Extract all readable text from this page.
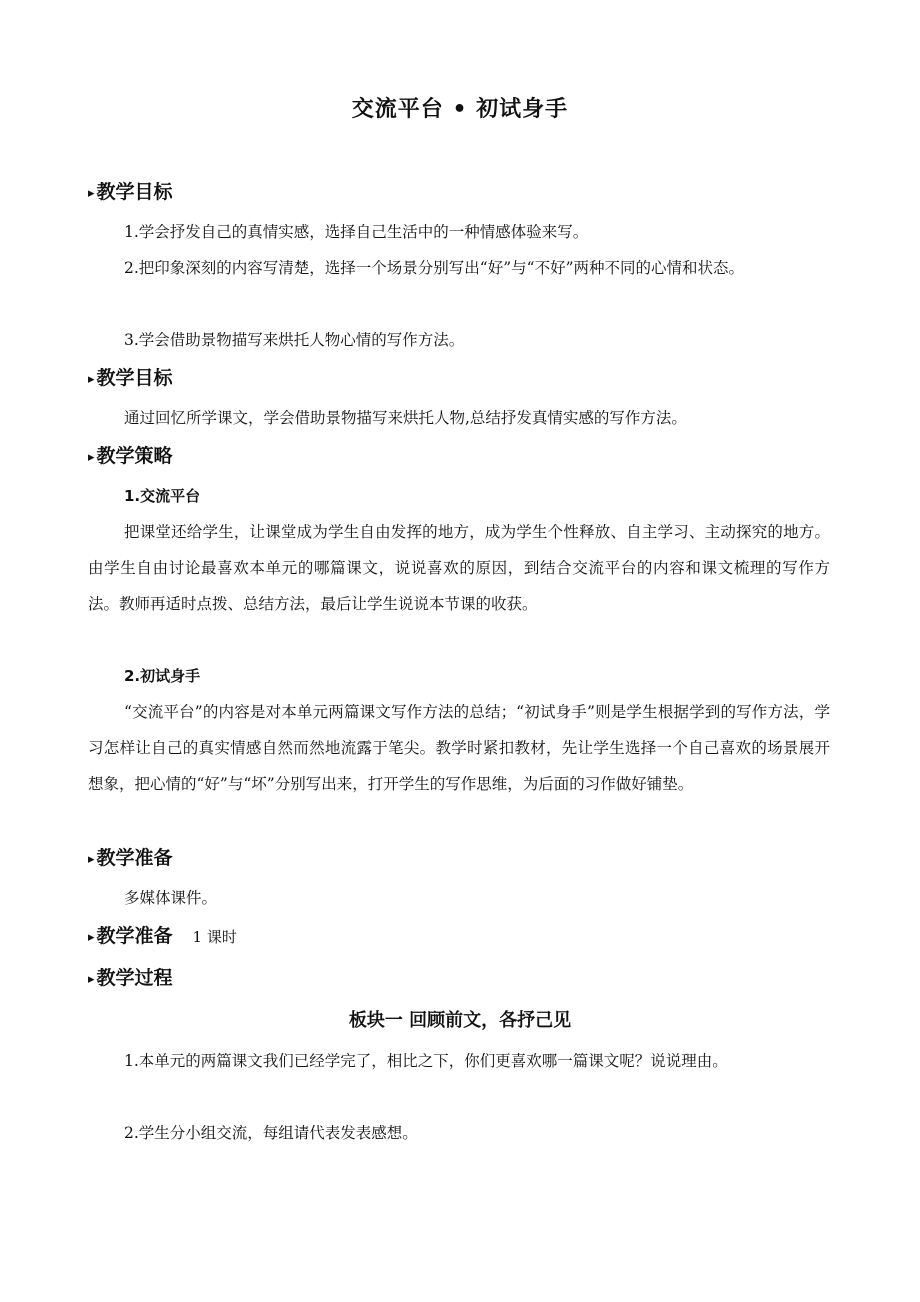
交流平台 • 初试身手
▸ 教学目标

1.学会抒发自己的真情实感，选择自己生活中的一种情感体验来写。

2.把印象深刻的内容写清楚，选择一个场景分别写出“好”与“不好”两种不同的心情和状态。

3.学会借助景物描写来烘托人物心情的写作方法。

▸ 教学目标

通过回忆所学课文，学会借助景物描写来烘托人物,总结抒发真情实感的写作方法。

▸ 教学策略
1.交流平台

把课堂还给学生，让课堂成为学生自由发挥的地方，成为学生个性释放、自主学习、主动探究的地方。由学生自由讨论最喜欢本单元的哪篇课文，说说喜欢的原因，到结合交流平台的内容和课文梳理的写作方法。教师再适时点拨、总结方法，最后让学生说说本节课的收获。

2.初试身手

“交流平台”的内容是对本单元两篇课文写作方法的总结；“初试身手”则是学生根据学到的写作方法，学习怎样让自己的真实情感自然而然地流露于笔尖。教学时紧扣教材，先让学生选择一个自己喜欢的场景展开想象，把心情的“好”与“坏”分别写出来，打开学生的写作思维，为后面的习作做好铺垫。

▸ 教学准备

多媒体课件。

▸ 教学准备 1 课时
▸ 教学过程
板块一 回顾前文，各抒己见

1.本单元的两篇课文我们已经学完了，相比之下，你们更喜欢哪一篇课文呢？说说理由。

2.学生分小组交流，每组请代表发表感想。
